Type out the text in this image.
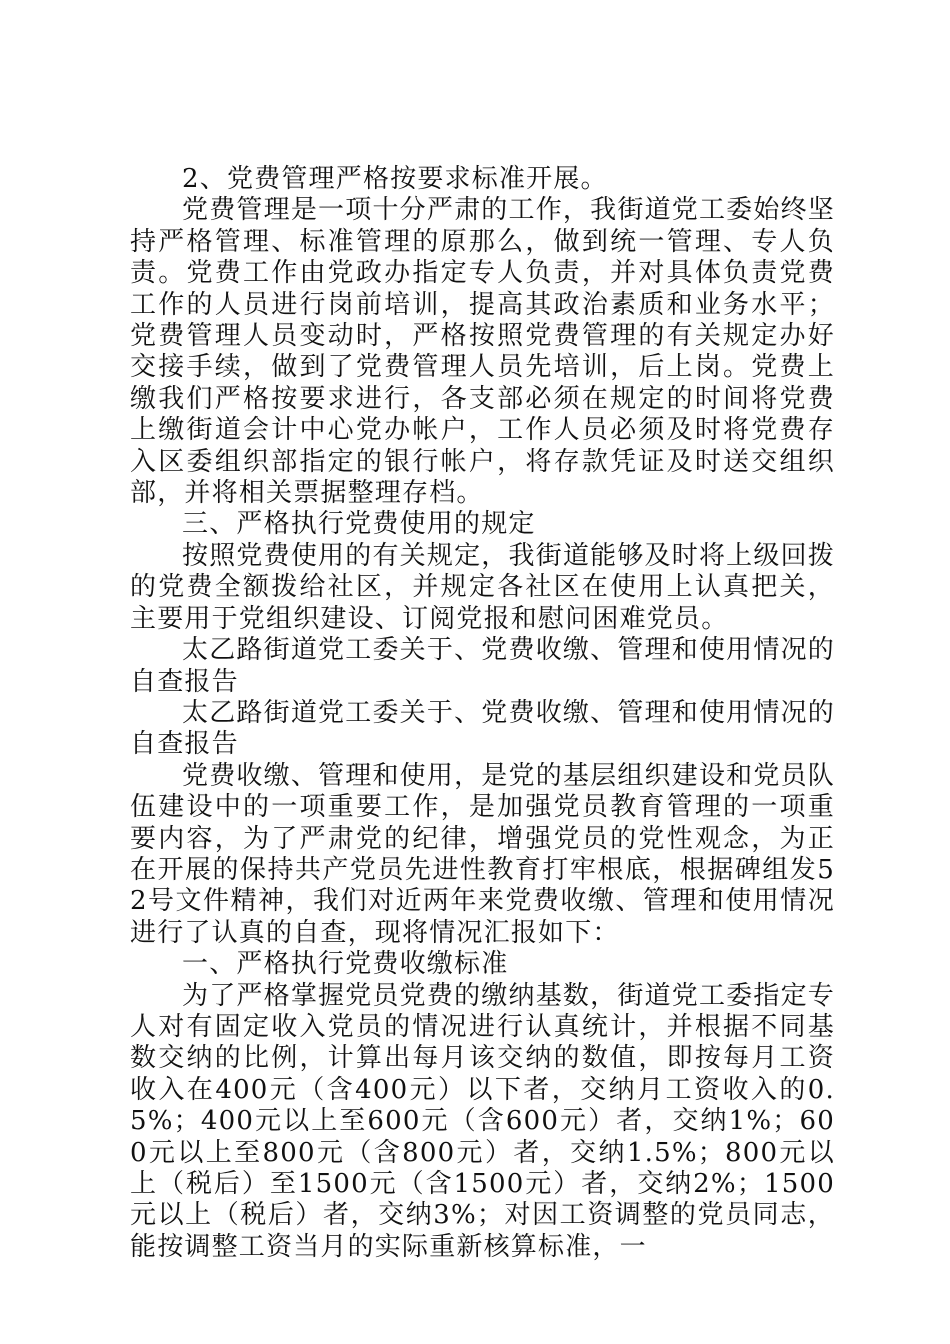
2、党费管理严格按要求标准开展。

党费管理是一项十分严肃的工作，我街道党工委始终坚持严格管理、标准管理的原那么，做到统一管理、专人负责。党费工作由党政办指定专人负责，并对具体负责党费工作的人员进行岗前培训，提高其政治素质和业务水平；党费管理人员变动时，严格按照党费管理的有关规定办好交接手续，做到了党费管理人员先培训，后上岗。党费上缴我们严格按要求进行，各支部必须在规定的时间将党费上缴街道会计中心党办帐户，工作人员必须及时将党费存入区委组织部指定的银行帐户，将存款凭证及时送交组织部，并将相关票据整理存档。

三、严格执行党费使用的规定

按照党费使用的有关规定，我街道能够及时将上级回拨的党费全额拨给社区，并规定各社区在使用上认真把关，主要用于党组织建设、订阅党报和慰问困难党员。

太乙路街道党工委关于、党费收缴、管理和使用情况的自查报告

太乙路街道党工委关于、党费收缴、管理和使用情况的自查报告

党费收缴、管理和使用，是党的基层组织建设和党员队伍建设中的一项重要工作，是加强党员教育管理的一项重要内容，为了严肃党的纪律，增强党员的党性观念，为正在开展的保持共产党员先进性教育打牢根底，根据碑组发52号文件精神，我们对近两年来党费收缴、管理和使用情况进行了认真的自查，现将情况汇报如下：

一、严格执行党费收缴标准

为了严格掌握党员党费的缴纳基数，街道党工委指定专人对有固定收入党员的情况进行认真统计，并根据不同基数交纳的比例，计算出每月该交纳的数值，即按每月工资收入在400元（含400元）以下者，交纳月工资收入的0.5%；400元以上至600元（含600元）者，交纳1%；600元以上至800元（含800元）者，交纳1.5%；800元以上（税后）至1500元（含1500元）者，交纳2%；1500元以上（税后）者，交纳3%；对因工资调整的党员同志，能按调整工资当月的实际重新核算标准，一
